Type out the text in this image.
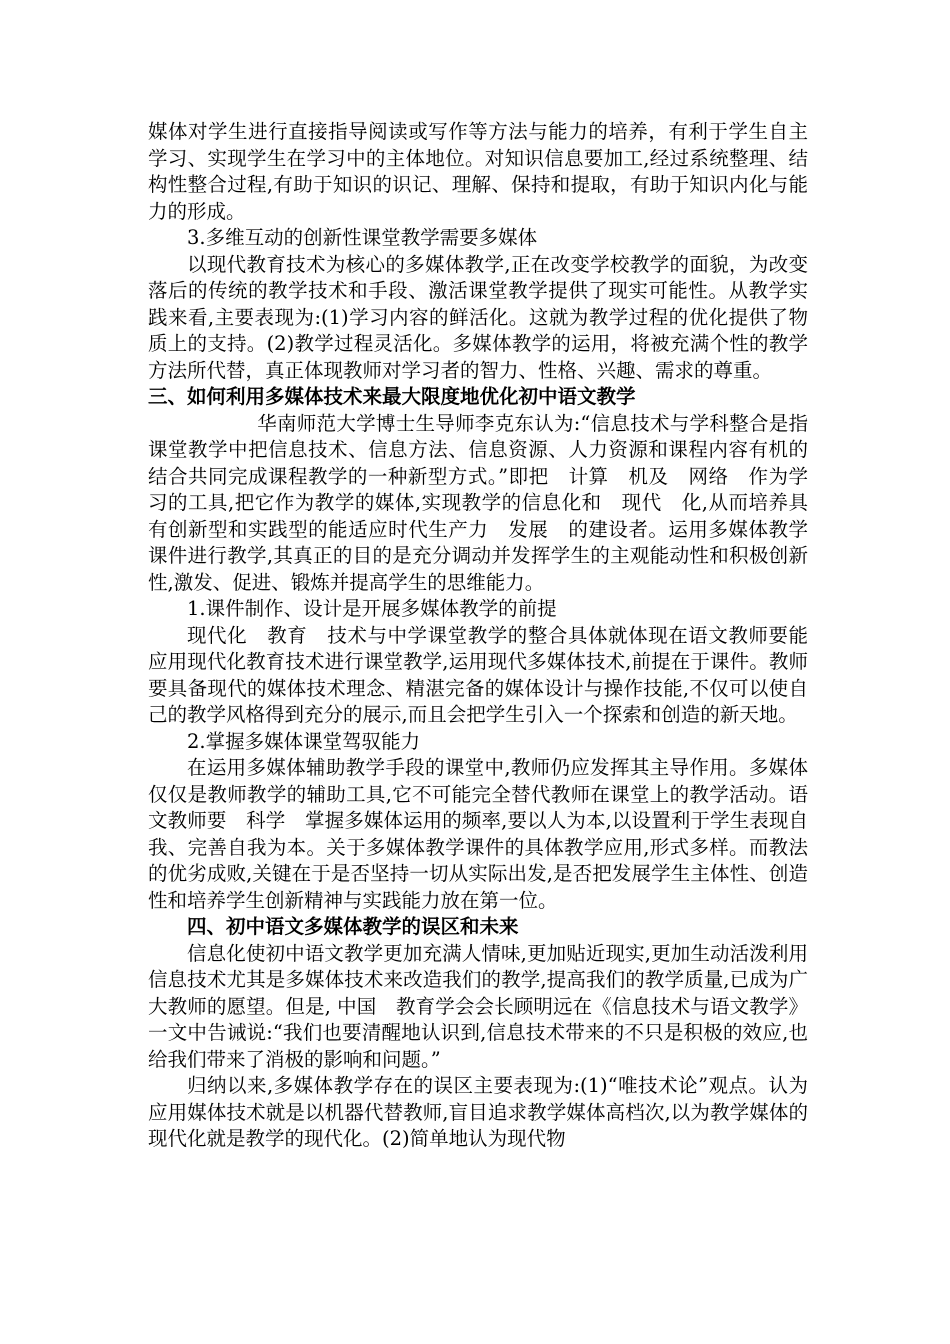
媒体对学生进行直接指导阅读或写作等方法与能力的培养，有利于学生自主学习、实现学生在学习中的主体地位。对知识信息要加工,经过系统整理、结构性整合过程,有助于知识的识记、理解、保持和提取，有助于知识内化与能力的形成。

3.多维互动的创新性课堂教学需要多媒体

以现代教育技术为核心的多媒体教学,正在改变学校教学的面貌，为改变落后的传统的教学技术和手段、激活课堂教学提供了现实可能性。从教学实践来看,主要表现为:(1)学习内容的鲜活化。这就为教学过程的优化提供了物质上的支持。(2)教学过程灵活化。多媒体教学的运用，将被充满个性的教学方法所代替，真正体现教师对学习者的智力、性格、兴趣、需求的尊重。

三、如何利用多媒体技术来最大限度地优化初中语文教学

华南师范大学博士生导师李克东认为:“信息技术与学科整合是指课堂教学中把信息技术、信息方法、信息资源、人力资源和课程内容有机的结合共同完成课程教学的一种新型方式。”即把　计算　机及　网络　作为学习的工具,把它作为教学的媒体,实现教学的信息化和　现代　化,从而培养具有创新型和实践型的能适应时代生产力　发展　的建设者。运用多媒体教学课件进行教学,其真正的目的是充分调动并发挥学生的主观能动性和积极创新性,激发、促进、锻炼并提高学生的思维能力。

1.课件制作、设计是开展多媒体教学的前提

现代化　教育　技术与中学课堂教学的整合具体就体现在语文教师要能应用现代化教育技术进行课堂教学,运用现代多媒体技术,前提在于课件。教师要具备现代的媒体技术理念、精湛完备的媒体设计与操作技能,不仅可以使自己的教学风格得到充分的展示,而且会把学生引入一个探索和创造的新天地。

2.掌握多媒体课堂驾驭能力

在运用多媒体辅助教学手段的课堂中,教师仍应发挥其主导作用。多媒体仅仅是教师教学的辅助工具,它不可能完全替代教师在课堂上的教学活动。语文教师要　科学　掌握多媒体运用的频率,要以人为本,以设置利于学生表现自我、完善自我为本。关于多媒体教学课件的具体教学应用,形式多样。而教法的优劣成败,关键在于是否坚持一切从实际出发,是否把发展学生主体性、创造性和培养学生创新精神与实践能力放在第一位。

四、初中语文多媒体教学的误区和未来

信息化使初中语文教学更加充满人情味,更加贴近现实,更加生动活泼利用信息技术尤其是多媒体技术来改造我们的教学,提高我们的教学质量,已成为广大教师的愿望。但是, 中国　教育学会会长顾明远在《信息技术与语文教学》一文中告诫说:“我们也要清醒地认识到,信息技术带来的不只是积极的效应,也给我们带来了消极的影响和问题。”

归纳以来,多媒体教学存在的误区主要表现为:(1)“唯技术论”观点。认为应用媒体技术就是以机器代替教师,盲目追求教学媒体高档次,以为教学媒体的现代化就是教学的现代化。(2)简单地认为现代物
